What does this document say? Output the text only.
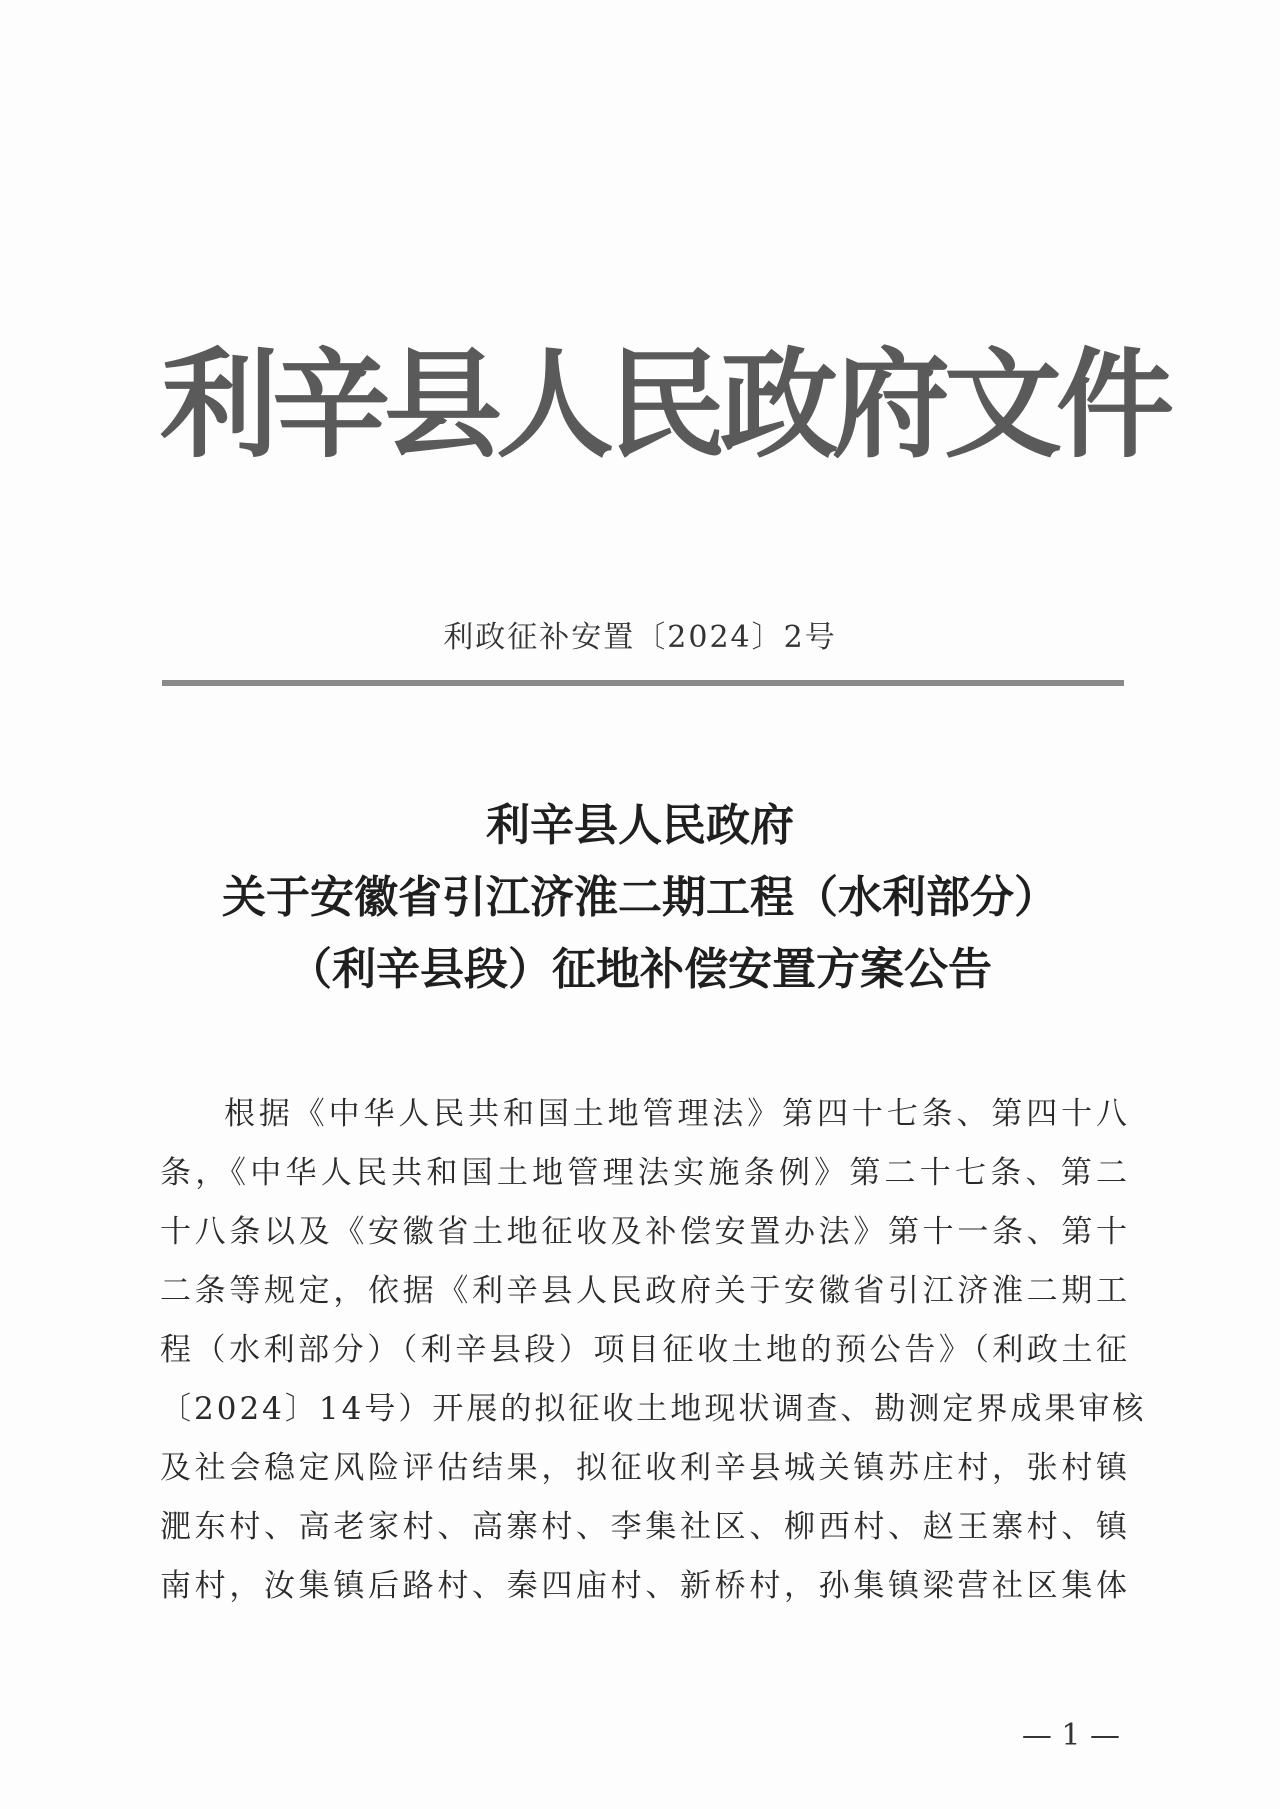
利辛县人民政府文件
利政征补安置〔2024〕2号
利辛县人民政府
关于安徽省引江济淮二期工程（水利部分）
（利辛县段）征地补偿安置方案公告
根据《中华人民共和国土地管理法》第四十七条、第四十八
条，《中华人民共和国土地管理法实施条例》第二十七条、第二
十八条以及《安徽省土地征收及补偿安置办法》第十一条、第十
二条等规定，依据《利辛县人民政府关于安徽省引江济淮二期工
程（水利部分）（利辛县段）项目征收土地的预公告》（利政土征
〔2024〕14号）开展的拟征收土地现状调查、勘测定界成果审核
及社会稳定风险评估结果，拟征收利辛县城关镇苏庄村，张村镇
淝东村、高老家村、高寨村、李集社区、柳西村、赵王寨村、镇
南村，汝集镇后路村、秦四庙村、新桥村，孙集镇梁营社区集体
— 1 —
